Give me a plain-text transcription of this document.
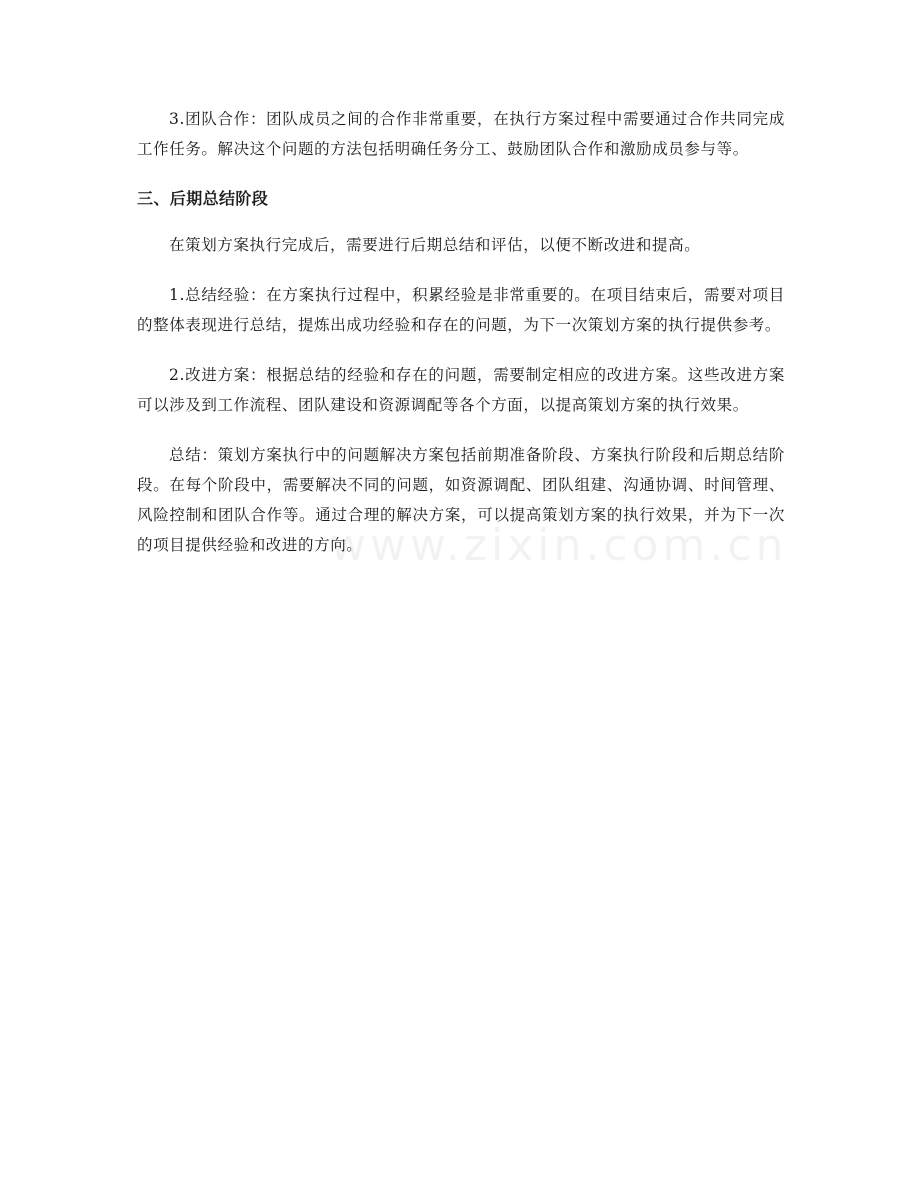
3.团队合作：团队成员之间的合作非常重要，在执行方案过程中需要通过合作共同完成工作任务。解决这个问题的方法包括明确任务分工、鼓励团队合作和激励成员参与等。

三、后期总结阶段

在策划方案执行完成后，需要进行后期总结和评估，以便不断改进和提高。

1.总结经验：在方案执行过程中，积累经验是非常重要的。在项目结束后，需要对项目的整体表现进行总结，提炼出成功经验和存在的问题，为下一次策划方案的执行提供参考。

2.改进方案：根据总结的经验和存在的问题，需要制定相应的改进方案。这些改进方案可以涉及到工作流程、团队建设和资源调配等各个方面，以提高策划方案的执行效果。

总结：策划方案执行中的问题解决方案包括前期准备阶段、方案执行阶段和后期总结阶段。在每个阶段中，需要解决不同的问题，如资源调配、团队组建、沟通协调、时间管理、风险控制和团队合作等。通过合理的解决方案，可以提高策划方案的执行效果，并为下一次的项目提供经验和改进的方向。

www.zixin.com.cn
